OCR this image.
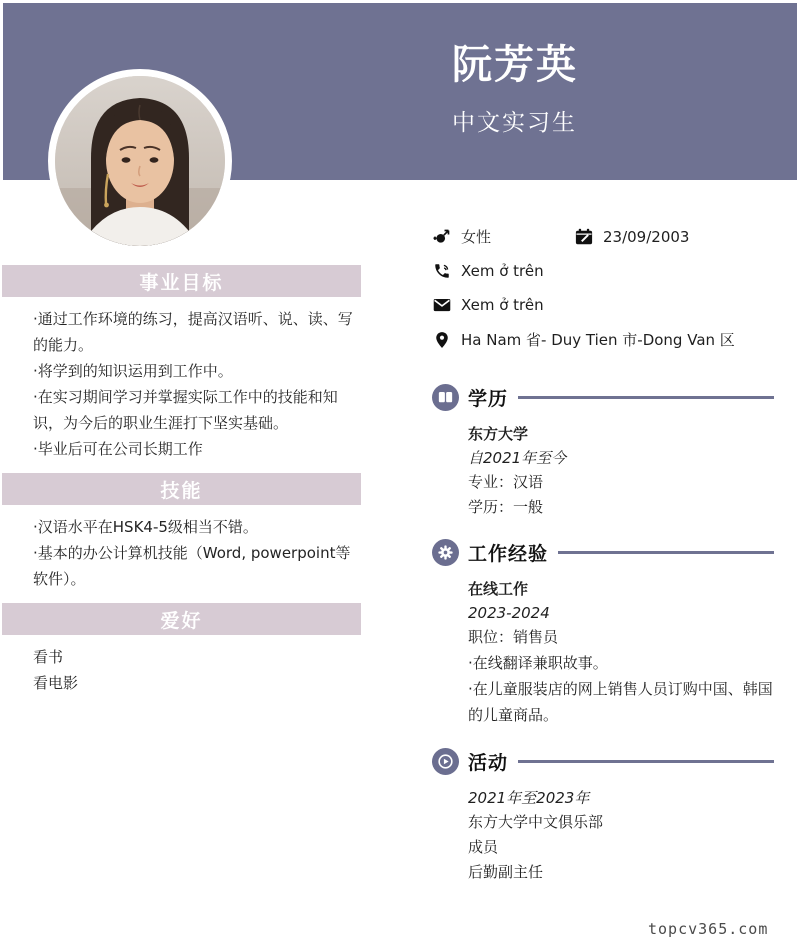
阮芳英
中文实习生
女性	23/09/2003
Xem ở trên
Xem ở trên
Ha Nam 省- Duy Tien 市-Dong Van 区
事业目标
·通过工作环境的练习，提高汉语听、说、读、写的能力。
·将学到的知识运用到工作中。
·在实习期间学习并掌握实际工作中的技能和知识，为今后的职业生涯打下坚实基础。
·毕业后可在公司长期工作
技能
·汉语水平在HSK4-5级相当不错。
·基本的办公计算机技能（Word, powerpoint等软件）。
爱好
看书
看电影
学历
东方大学
自2021年至今
专业：汉语
学历：一般
工作经验
在线工作
2023-2024
职位：销售员
·在线翻译兼职故事。
·在儿童服装店的网上销售人员订购中国、韩国的儿童商品。
活动
2021年至2023年
东方大学中文俱乐部
成员
后勤副主任
topcv365.com
